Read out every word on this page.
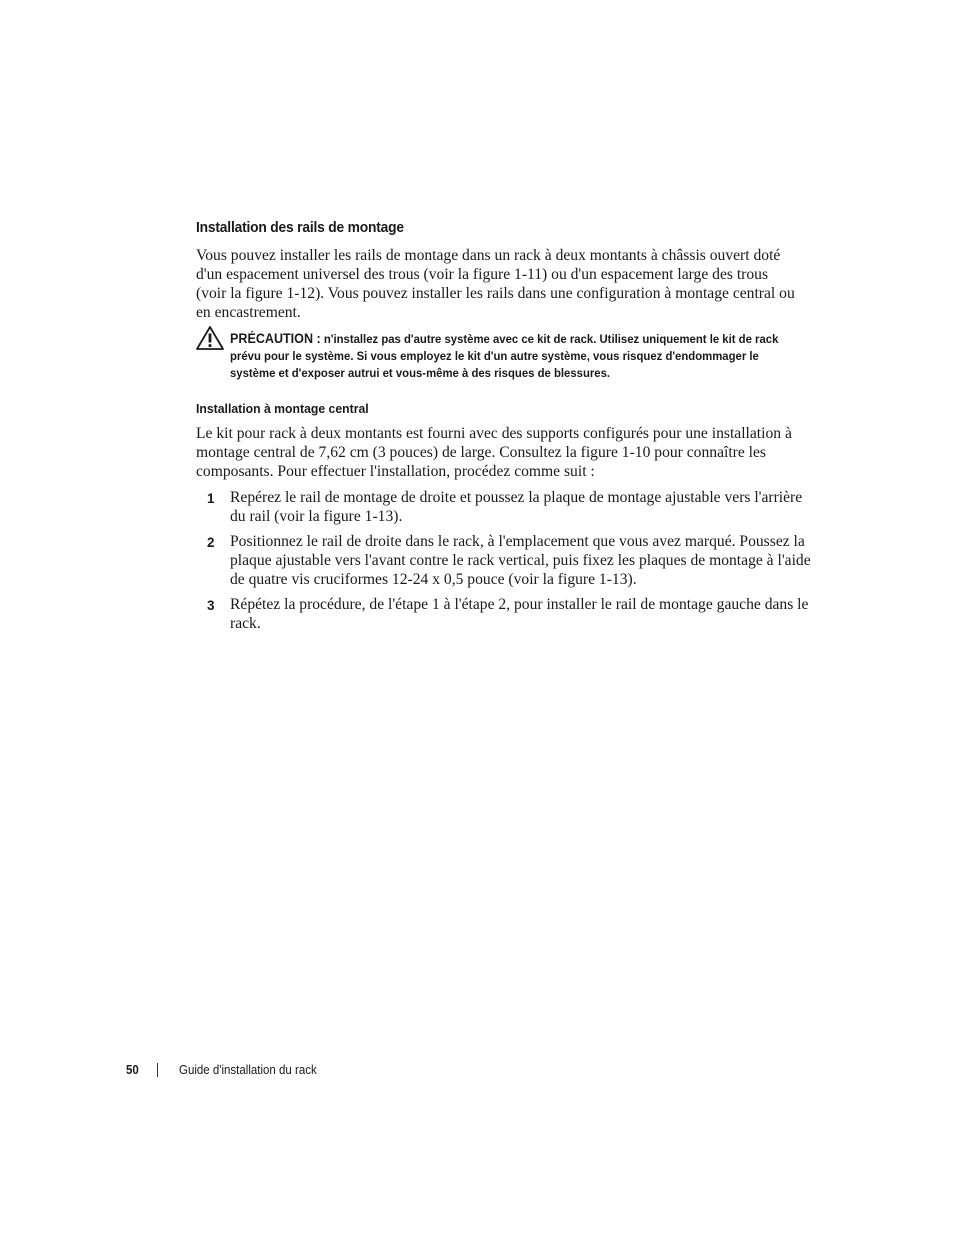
Installation des rails de montage

Vous pouvez installer les rails de montage dans un rack à deux montants à châssis ouvert doté d'un espacement universel des trous (voir la figure 1-11) ou d'un espacement large des trous (voir la figure 1-12). Vous pouvez installer les rails dans une configuration à montage central ou en encastrement.

PRÉCAUTION : n'installez pas d'autre système avec ce kit de rack. Utilisez uniquement le kit de rack prévu pour le système. Si vous employez le kit d'un autre système, vous risquez d'endommager le système et d'exposer autrui et vous-même à des risques de blessures.
Installation à montage central

Le kit pour rack à deux montants est fourni avec des supports configurés pour une installation à montage central de 7,62 cm (3 pouces) de large. Consultez la figure 1-10 pour connaître les composants. Pour effectuer l'installation, procédez comme suit :

1 Repérez le rail de montage de droite et poussez la plaque de montage ajustable vers l'arrière du rail (voir la figure 1-13).
2 Positionnez le rail de droite dans le rack, à l'emplacement que vous avez marqué. Poussez la plaque ajustable vers l'avant contre le rack vertical, puis fixez les plaques de montage à l'aide de quatre vis cruciformes 12-24 x 0,5 pouce (voir la figure 1-13).
3 Répétez la procédure, de l'étape 1 à l'étape 2, pour installer le rail de montage gauche dans le rack.
50	Guide d'installation du rack
